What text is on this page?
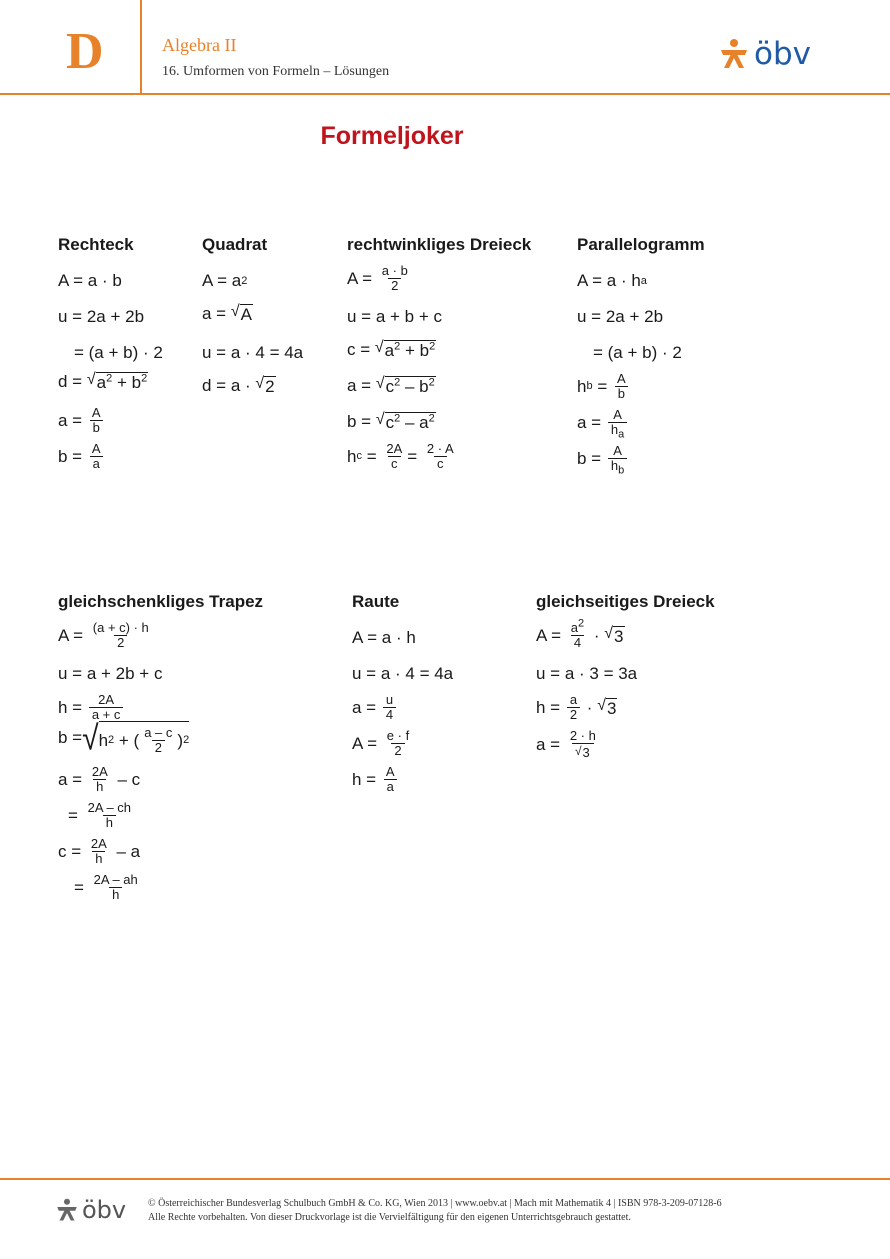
D	Algebra II
16. Umformen von Formeln – Lösungen	öbv
Formeljoker
Rechteck
A = a · b
u = 2a + 2b
= (a + b) · 2
d = √ $a^2 + b^2$
a = A
b
b = A
a
Quadrat
A = a 2
a = √ A
u = a · 4 = 4a
d = a · √ 2
rechtwinkliges Dreieck
A = a · b
2
u = a + b + c
c = √ $a^2 + b^2$
a = √ $c^2 - b^2$
b = √ $c^2 - a^2$
h c = 2A
c = 2 · A
c
Parallelogramm
A = a · h a
u = 2a + 2b
= (a + b) · 2
h b = A
b
a = A
$h_a$
b = A
$h_b$
gleichschenkliges Trapez
A = (a + c) · h
2
u = a + 2b + c
h = 2A
a + c
b = √ h 2 + ( a – c
2 ) 2
a = 2A
h – c
= 2A – ch
h
c = 2A
h – a
= 2A – ah
h
Raute
A = a · h
u = a · 4 = 4a
a = u
4
A = e · f
2
h = A
a
gleichseitiges Dreieck
$A = a^2$
4 · √ 3
u = a · 3 = 3a
h = a
2 · √ 3
a = 2 · h
√ 3
öbv © Österreichischer Bundesverlag Schulbuch GmbH & Co. KG, Wien 2013 | www.oebv.at | Mach mit Mathematik 4 | ISBN 978-3-209-07128-6
Alle Rechte vorbehalten. Von dieser Druckvorlage ist die Vervielfältigung für den eigenen Unterrichtsgebrauch gestattet.
